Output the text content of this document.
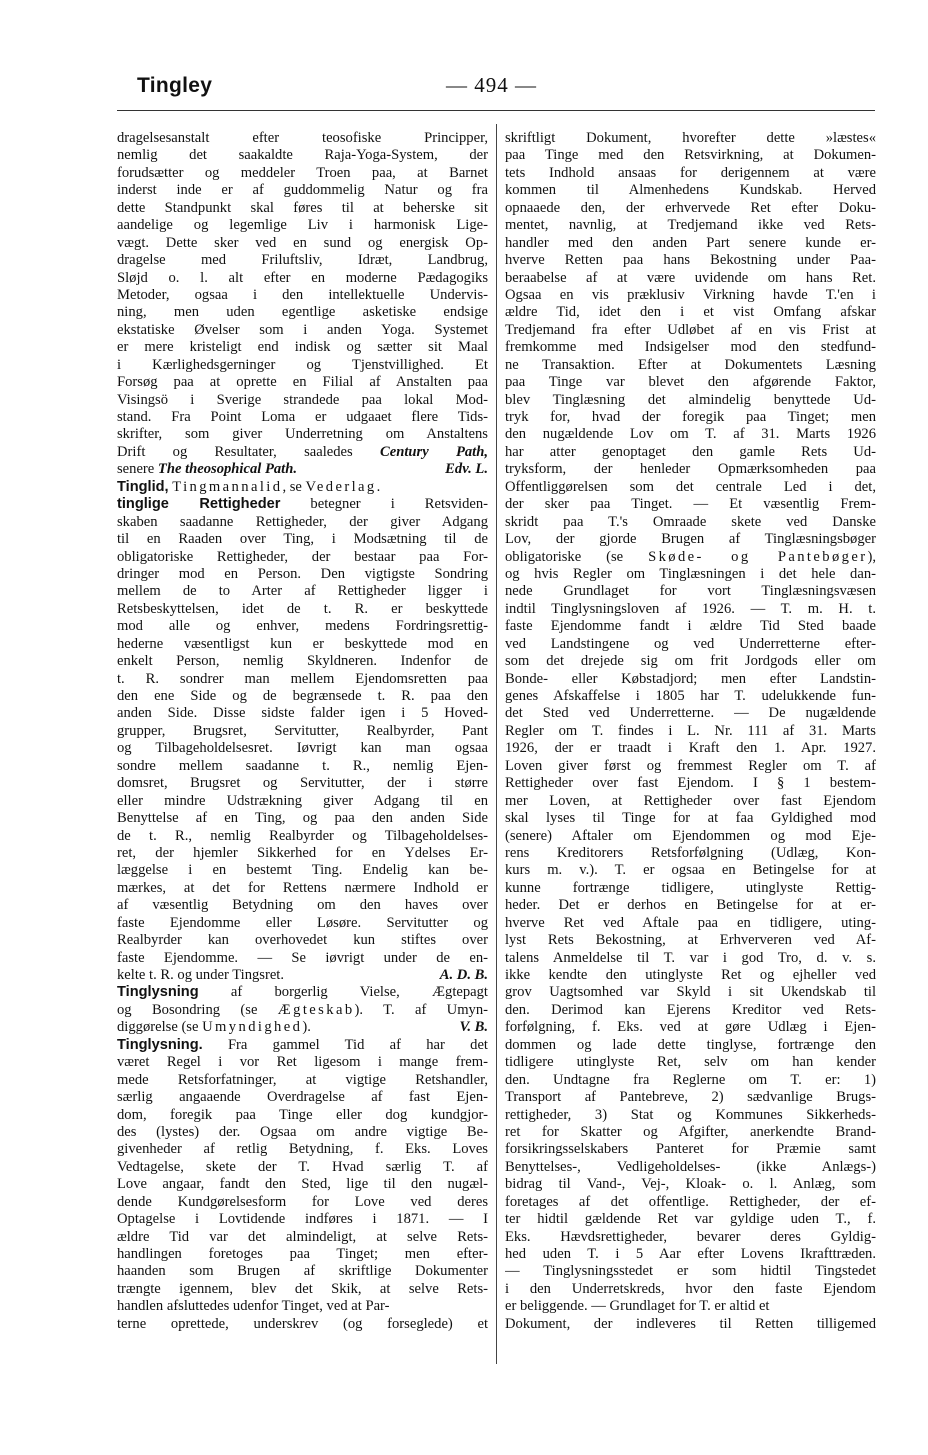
Tingley	— 494 —
dragelsesanstalt efter teosofiske Principper,
nemlig det saakaldte Raja-Yoga-System, der
forudsætter og meddeler Troen paa, at Barnet
inderst inde er af guddommelig Natur og fra
dette Standpunkt skal føres til at beherske sit
aandelige og legemlige Liv i harmonisk Lige-
vægt. Dette sker ved en sund og energisk Op-
dragelse med Friluftsliv, Idræt, Landbrug,
Sløjd o. l. alt efter en moderne Pædagogiks
Metoder, ogsaa i den intellektuelle Undervis-
ning, men uden egentlige asketiske endsige
ekstatiske Øvelser som i anden Yoga. Systemet
er mere kristeligt end indisk og sætter sit Maal
i Kærlighedsgerninger og Tjenstvillighed. Et
Forsøg paa at oprette en Filial af Anstalten paa
Visingsö i Sverige strandede paa lokal Mod-
stand. Fra Point Loma er udgaaet flere Tids-
skrifter, som giver Underretning om Anstaltens
Drift og Resultater, saaledes Century Path,
senere The theosophical Path.	Edv. L.
Tinglid, Tingmannalid, se Vederlag.
tinglige Rettigheder betegner i Retsviden-
skaben saadanne Rettigheder, der giver Adgang
til en Raaden over Ting, i Modsætning til de
obligatoriske Rettigheder, der bestaar paa For-
dringer mod en Person. Den vigtigste Sondring
mellem de to Arter af Rettigheder ligger i
Retsbeskyttelsen, idet de t. R. er beskyttede
mod alle og enhver, medens Fordringsrettig-
hederne væsentligst kun er beskyttede mod en
enkelt Person, nemlig Skyldneren. Indenfor de
t. R. sondrer man mellem Ejendomsretten paa
den ene Side og de begrænsede t. R. paa den
anden Side. Disse sidste falder igen i 5 Hoved-
grupper, Brugsret, Servitutter, Realbyrder, Pant
og Tilbageholdelsesret. Iøvrigt kan man ogsaa
sondre mellem saadanne t. R., nemlig Ejen-
domsret, Brugsret og Servitutter, der i større
eller mindre Udstrækning giver Adgang til en
Benyttelse af en Ting, og paa den anden Side
de t. R., nemlig Realbyrder og Tilbageholdelses-
ret, der hjemler Sikkerhed for en Ydelses Er-
læggelse i en bestemt Ting. Endelig kan be-
mærkes, at det for Rettens nærmere Indhold er
af væsentlig Betydning om den haves over
faste Ejendomme eller Løsøre. Servitutter og
Realbyrder kan overhovedet kun stiftes over
faste Ejendomme. — Se iøvrigt under de en-
kelte t. R. og under Tingsret.	A. D. B.
Tinglysning af borgerlig Vielse, Ægtepagt
og Bosondring (se Ægteskab). T. af Umyn-
diggørelse (se Umyndighed).	V. B.
Tinglysning. Fra gammel Tid af har det
været Regel i vor Ret ligesom i mange frem-
mede Retsforfatninger, at vigtige Retshandler,
særlig angaaende Overdragelse af fast Ejen-
dom, foregik paa Tinge eller dog kundgjor-
des (lystes) der. Ogsaa om andre vigtige Be-
givenheder af retlig Betydning, f. Eks. Loves
Vedtagelse, skete der T. Hvad særlig T. af
Love angaar, fandt den Sted, lige til den nugæl-
dende Kundgørelsesform for Love ved deres
Optagelse i Lovtidende indføres i 1871. — I
ældre Tid var det almindeligt, at selve Rets-
handlingen foretoges paa Tinget; men efter-
haanden som Brugen af skriftlige Dokumenter
trængte igennem, blev det Skik, at selve Rets-
handlen afsluttedes udenfor Tinget, ved at Par-
terne oprettede, underskrev (og forseglede) et
skriftligt Dokument, hvorefter dette »læstes«
paa Tinge med den Retsvirkning, at Dokumen-
tets Indhold ansaas for derigennem at være
kommen til Almenhedens Kundskab. Herved
opnaaede den, der erhvervede Ret efter Doku-
mentet, navnlig, at Tredjemand ikke ved Rets-
handler med den anden Part senere kunde er-
hverve Retten paa hans Bekostning under Paa-
beraabelse af at være uvidende om hans Ret.
Ogsaa en vis præklusiv Virkning havde T.'en i
ældre Tid, idet den i et vist Omfang afskar
Tredjemand fra efter Udløbet af en vis Frist at
fremkomme med Indsigelser mod den stedfund-
ne Transaktion. Efter at Dokumentets Læsning
paa Tinge var blevet den afgørende Faktor,
blev Tinglæsning det almindelig benyttede Ud-
tryk for, hvad der foregik paa Tinget; men
den nugældende Lov om T. af 31. Marts 1926
har atter genoptaget den gamle Rets Ud-
tryksform, der henleder Opmærksomheden paa
Offentliggørelsen som det centrale Led i det,
der sker paa Tinget. — Et væsentlig Frem-
skridt paa T.'s Omraade skete ved Danske
Lov, der gjorde Brugen af Tinglæsningsbøger
obligatoriske (se Skøde- og Pantebøger),
og hvis Regler om Tinglæsningen i det hele dan-
nede Grundlaget for vort Tinglæsningsvæsen
indtil Tinglysningsloven af 1926. — T. m. H. t.
faste Ejendomme fandt i ældre Tid Sted baade
ved Landstingene og ved Underretterne efter-
som det drejede sig om frit Jordgods eller om
Bonde- eller Købstadjord; men efter Landstin-
genes Afskaffelse i 1805 har T. udelukkende fun-
det Sted ved Underretterne. — De nugældende
Regler om T. findes i L. Nr. 111 af 31. Marts
1926, der er traadt i Kraft den 1. Apr. 1927.
Loven giver først og fremmest Regler om T. af
Rettigheder over fast Ejendom. I § 1 bestem-
mer Loven, at Rettigheder over fast Ejendom
skal lyses til Tinge for at faa Gyldighed mod
(senere) Aftaler om Ejendommen og mod Eje-
rens Kreditorers Retsforfølgning (Udlæg, Kon-
kurs m. v.). T. er ogsaa en Betingelse for at
kunne fortrænge tidligere, utinglyste Rettig-
heder. Det er derhos en Betingelse for at er-
hverve Ret ved Aftale paa en tidligere, uting-
lyst Rets Bekostning, at Erhververen ved Af-
talens Anmeldelse til T. var i god Tro, d. v. s.
ikke kendte den utinglyste Ret og ejheller ved
grov Uagtsomhed var Skyld i sit Ukendskab til
den. Derimod kan Ejerens Kreditor ved Rets-
forfølgning, f. Eks. ved at gøre Udlæg i Ejen-
dommen og lade dette tinglyse, fortrænge den
tidligere utinglyste Ret, selv om han kender
den. Undtagne fra Reglerne om T. er: 1)
Transport af Pantebreve, 2) sædvanlige Brugs-
rettigheder, 3) Stat og Kommunes Sikkerheds-
ret for Skatter og Afgifter, anerkendte Brand-
forsikringsselskabers Panteret for Præmie samt
Benyttelses-, Vedligeholdelses- (ikke Anlægs-)
bidrag til Vand-, Vej-, Kloak- o. l. Anlæg, som
foretages af det offentlige. Rettigheder, der ef-
ter hidtil gældende Ret var gyldige uden T., f.
Eks. Hævdsrettigheder, bevarer deres Gyldig-
hed uden T. i 5 Aar efter Lovens Ikrafttræden.
— Tinglysningsstedet er som hidtil Tingstedet
i den Underretskreds, hvor den faste Ejendom
er beliggende. — Grundlaget for T. er altid et
Dokument, der indleveres til Retten tilligemed
